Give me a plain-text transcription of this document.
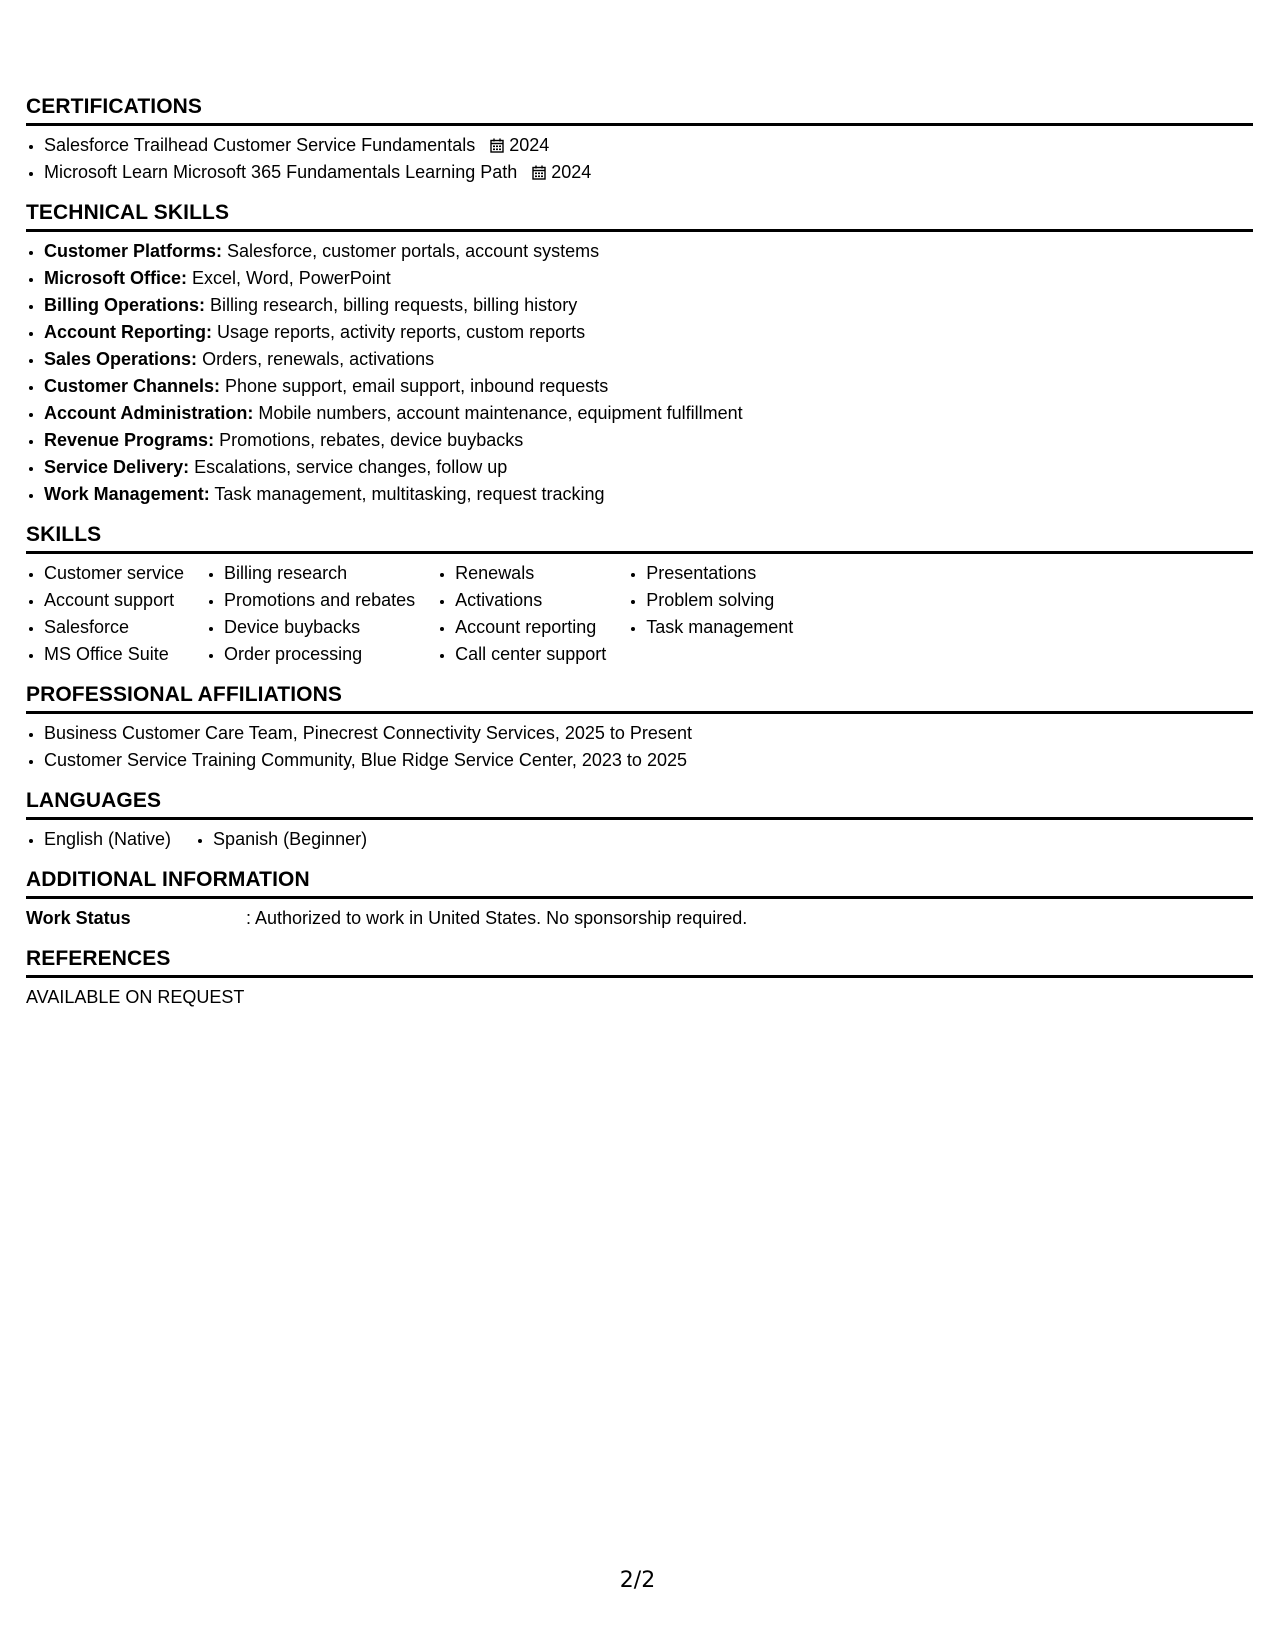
CERTIFICATIONS
• Salesforce Trailhead Customer Service Fundamentals 2024
• Microsoft Learn Microsoft 365 Fundamentals Learning Path 2024
TECHNICAL SKILLS
• Customer Platforms: Salesforce, customer portals, account systems
• Microsoft Office: Excel, Word, PowerPoint
• Billing Operations: Billing research, billing requests, billing history
• Account Reporting: Usage reports, activity reports, custom reports
• Sales Operations: Orders, renewals, activations
• Customer Channels: Phone support, email support, inbound requests
• Account Administration: Mobile numbers, account maintenance, equipment fulfillment
• Revenue Programs: Promotions, rebates, device buybacks
• Service Delivery: Escalations, service changes, follow up
• Work Management: Task management, multitasking, request tracking
SKILLS
• Customer service
• Account support
• Salesforce
• MS Office Suite
• Billing research
• Promotions and rebates
• Device buybacks
• Order processing
• Renewals
• Activations
• Account reporting
• Call center support
• Presentations
• Problem solving
• Task management
PROFESSIONAL AFFILIATIONS
• Business Customer Care Team, Pinecrest Connectivity Services, 2025 to Present
• Customer Service Training Community, Blue Ridge Service Center, 2023 to 2025
LANGUAGES
• English (Native)
• Spanish (Beginner)
ADDITIONAL INFORMATION
Work Status	: Authorized to work in United States. No sponsorship required.
REFERENCES
AVAILABLE ON REQUEST
2/2
